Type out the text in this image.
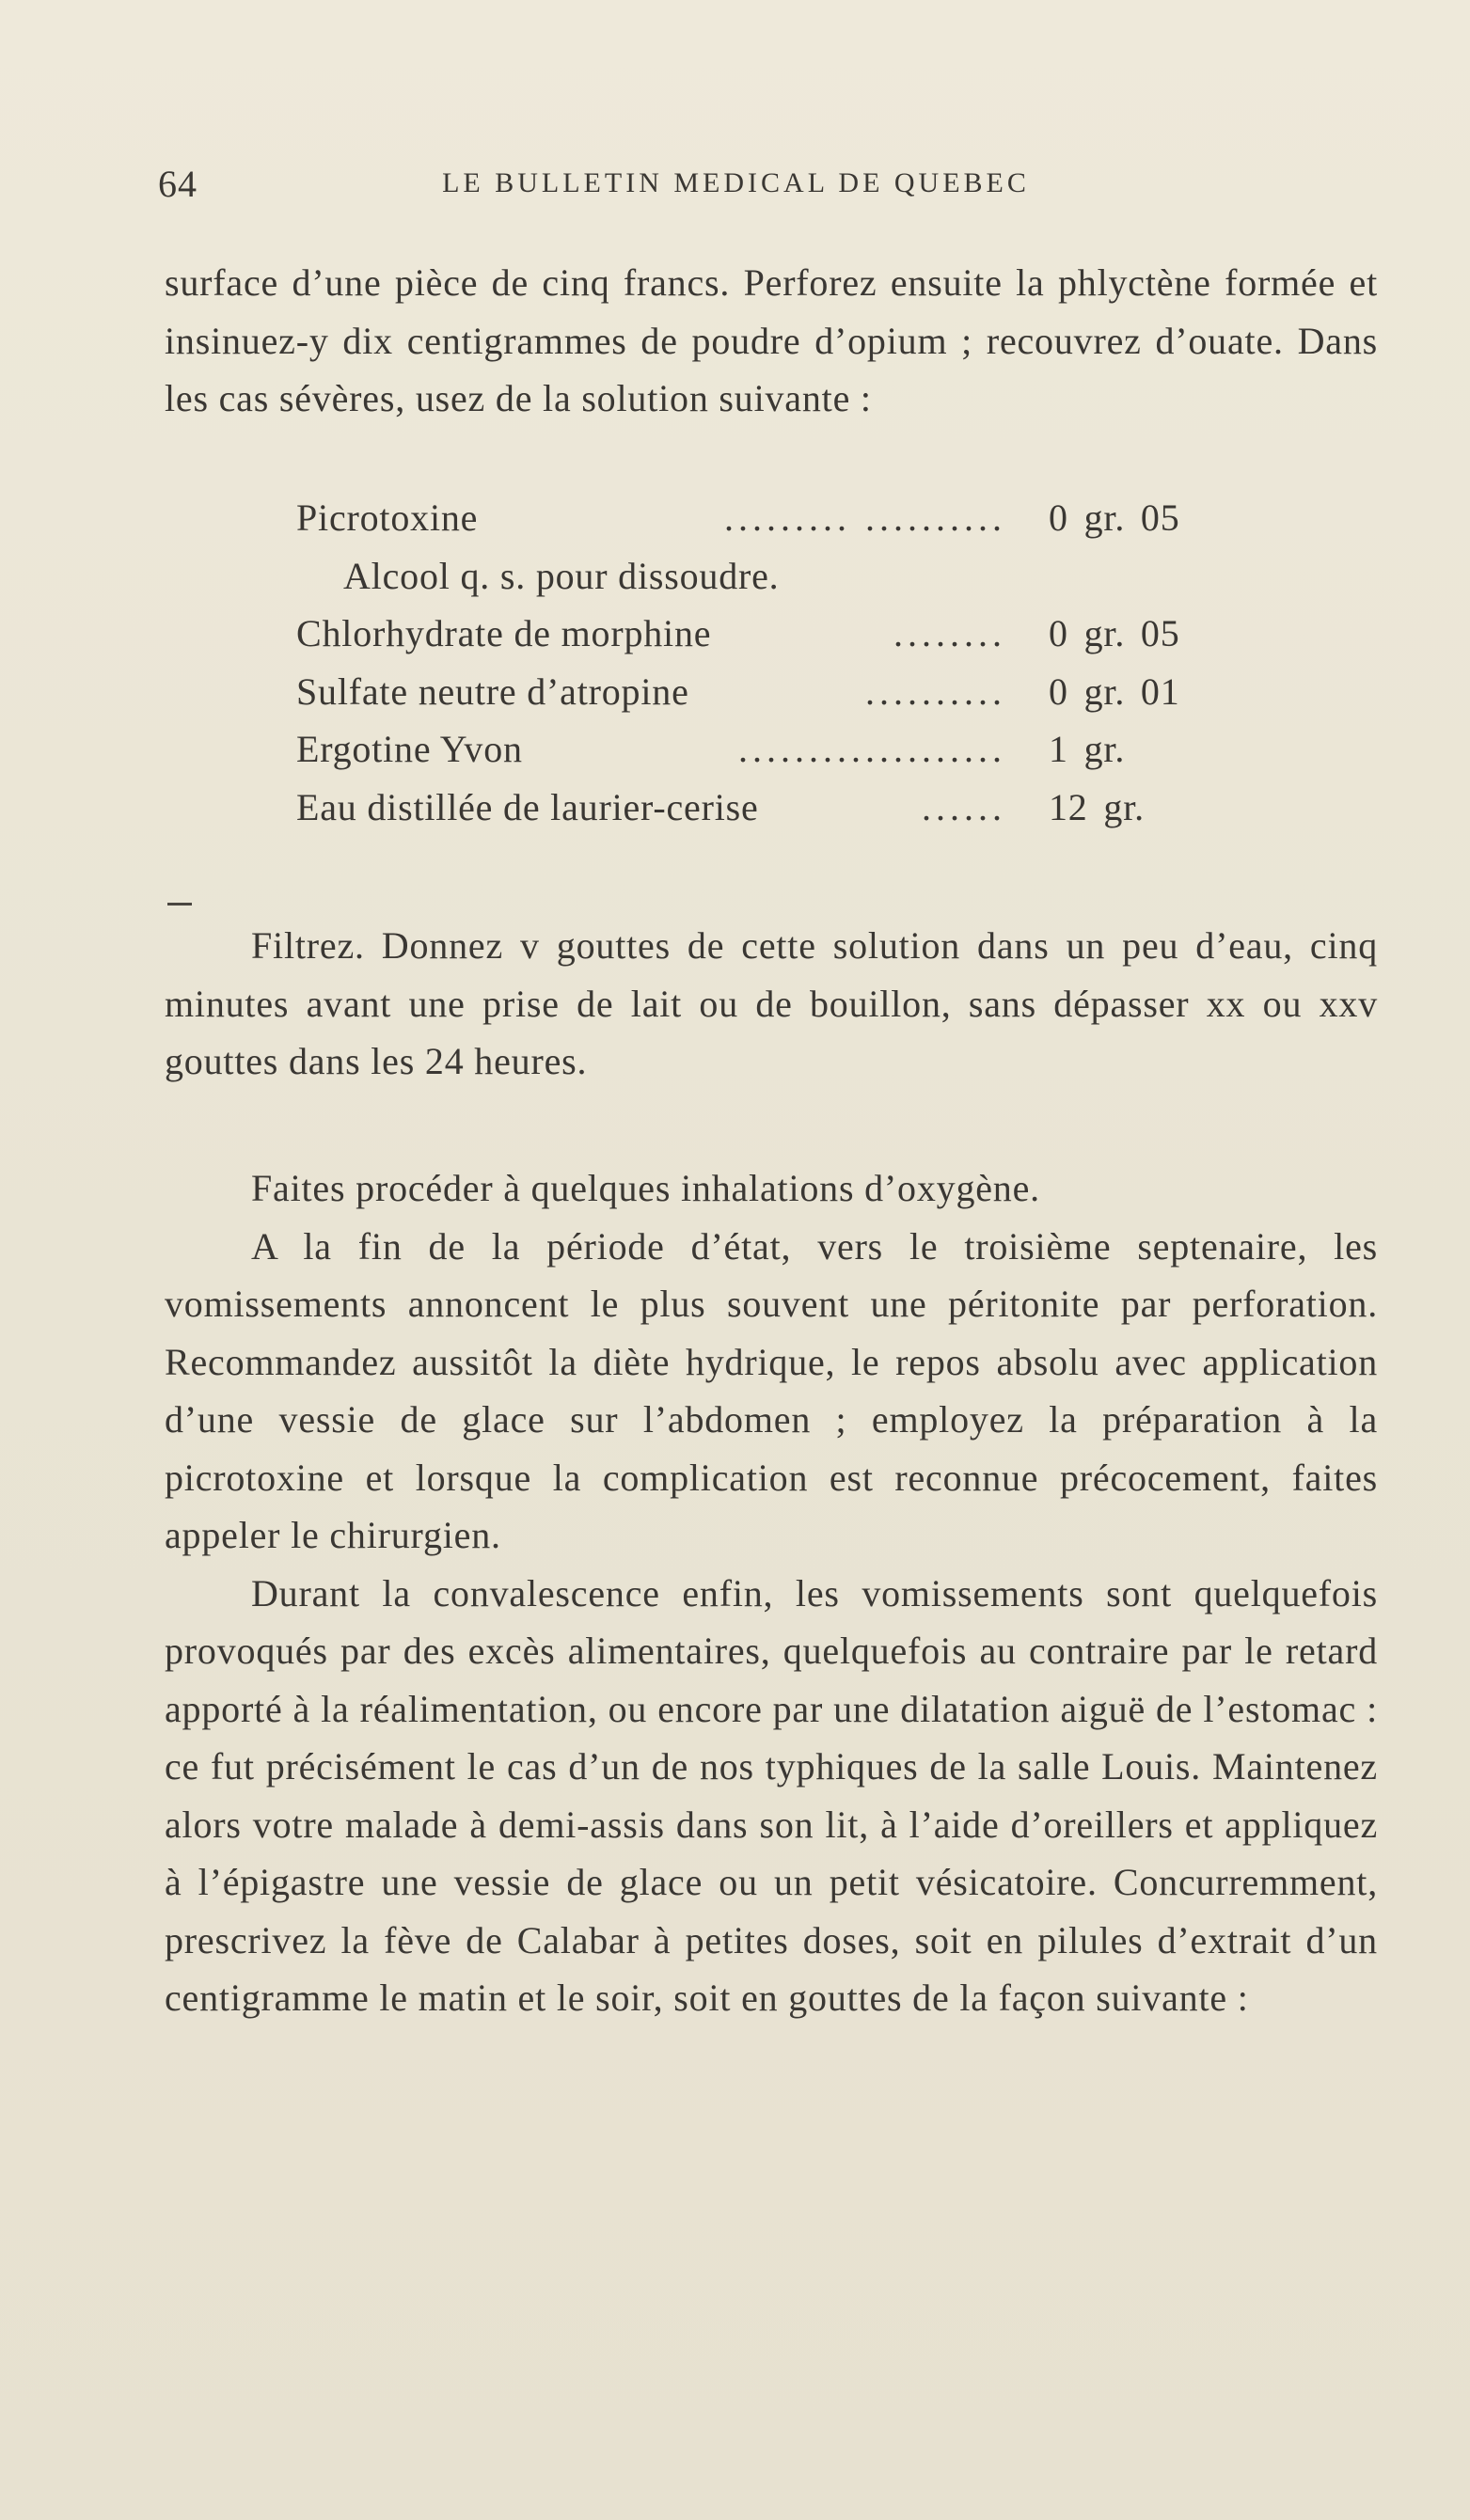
64	LE BULLETIN MEDICAL DE QUEBEC

surface d’une pièce de cinq francs. Perforez ensuite la phlyctène formée et insinuez-y dix centigrammes de poudre d’opium ; recouvrez d’ouate. Dans les cas sévères, usez de la solution suivante :

Picrotoxine	......... .......... 0 gr. 05
Alcool q. s. pour dissoudre.
Chlorhydrate de morphine	........ 0 gr. 05
Sulfate neutre d’atropine	.......... 0 gr. 01
Ergotine Yvon	................... 1 gr.
Eau distillée de laurier-cerise	...... 12 gr.

Filtrez. Donnez v gouttes de cette solution dans un peu d’eau, cinq minutes avant une prise de lait ou de bouillon, sans dépasser xx ou xxv gouttes dans les 24 heures.

Faites procéder à quelques inhalations d’oxygène.

A la fin de la période d’état, vers le troisième septenaire, les vomissements annoncent le plus souvent une péritonite par perforation. Recommandez aussitôt la diète hydrique, le repos absolu avec application d’une vessie de glace sur l’abdomen ; employez la préparation à la picrotoxine et lorsque la complication est reconnue précocement, faites appeler le chirurgien.

Durant la convalescence enfin, les vomissements sont quelquefois provoqués par des excès alimentaires, quelquefois au contraire par le retard apporté à la réalimentation, ou encore par une dilatation aiguë de l’estomac : ce fut précisément le cas d’un de nos typhiques de la salle Louis. Maintenez alors votre malade à demi-assis dans son lit, à l’aide d’oreillers et appliquez à l’épigastre une vessie de glace ou un petit vésicatoire. Concurremment, prescrivez la fève de Calabar à petites doses, soit en pilules d’extrait d’un centigramme le matin et le soir, soit en gouttes de la façon suivante :
